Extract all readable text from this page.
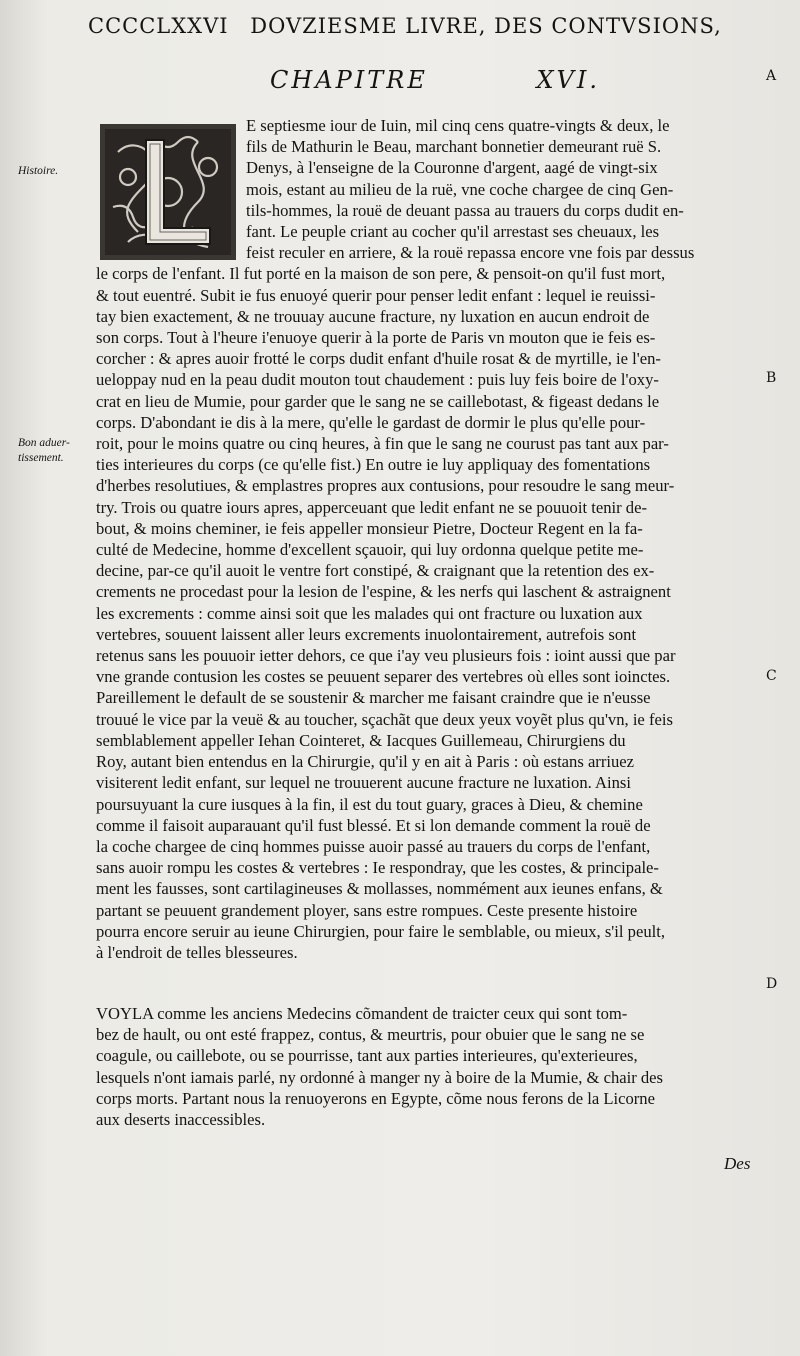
CCCCLXXVI DOVZIESME LIVRE, DES CONTVSIONS,
CHAPITRE	XVI.	A
B
C
D
Histoire.
Bon aduer-
tissement.
E septiesme iour de Iuin, mil cinq cens quatre-vingts & deux, le
fils de Mathurin le Beau, marchant bonnetier demeurant ruë S.
Denys, à l'enseigne de la Couronne d'argent, aagé de vingt-six
mois, estant au milieu de la ruë, vne coche chargee de cinq Gen-
tils-hommes, la rouë de deuant passa au trauers du corps dudit en-
fant. Le peuple criant au cocher qu'il arrestast ses cheuaux, les
feist reculer en arriere, & la rouë repassa encore vne fois par dessus
le corps de l'enfant. Il fut porté en la maison de son pere, & pensoit-on qu'il fust mort,
& tout euentré. Subit ie fus enuoyé querir pour penser ledit enfant : lequel ie reuissi-
tay bien exactement, & ne trouuay aucune fracture, ny luxation en aucun endroit de
son corps. Tout à l'heure i'enuoye querir à la porte de Paris vn mouton que ie feis es-
corcher : & apres auoir frotté le corps dudit enfant d'huile rosat & de myrtille, ie l'en-
ueloppay nud en la peau dudit mouton tout chaudement : puis luy feis boire de l'oxy-
crat en lieu de Mumie, pour garder que le sang ne se caillebotast, & figeast dedans le
corps. D'abondant ie dis à la mere, qu'elle le gardast de dormir le plus qu'elle pour-
roit, pour le moins quatre ou cinq heures, à fin que le sang ne courust pas tant aux par-
ties interieures du corps (ce qu'elle fist.) En outre ie luy appliquay des fomentations
d'herbes resolutiues, & emplastres propres aux contusions, pour resoudre le sang meur-
try. Trois ou quatre iours apres, apperceuant que ledit enfant ne se pouuoit tenir de-
bout, & moins cheminer, ie feis appeller monsieur Pietre, Docteur Regent en la fa-
culté de Medecine, homme d'excellent sçauoir, qui luy ordonna quelque petite me-
decine, par-ce qu'il auoit le ventre fort constipé, & craignant que la retention des ex-
crements ne procedast pour la lesion de l'espine, & les nerfs qui laschent & astraignent
les excrements : comme ainsi soit que les malades qui ont fracture ou luxation aux
vertebres, souuent laissent aller leurs excrements inuolontairement, autrefois sont
retenus sans les pouuoir ietter dehors, ce que i'ay veu plusieurs fois : ioint aussi que par
vne grande contusion les costes se peuuent separer des vertebres où elles sont ioinctes.
Pareillement le default de se soustenir & marcher me faisant craindre que ie n'eusse
trouué le vice par la veuë & au toucher, sçachãt que deux yeux voyẽt plus qu'vn, ie feis
semblablement appeller Iehan Cointeret, & Iacques Guillemeau, Chirurgiens du
Roy, autant bien entendus en la Chirurgie, qu'il y en ait à Paris : où estans arriuez
visiterent ledit enfant, sur lequel ne trouuerent aucune fracture ne luxation. Ainsi
poursuyuant la cure iusques à la fin, il est du tout guary, graces à Dieu, & chemine
comme il faisoit auparauant qu'il fust blessé. Et si lon demande comment la rouë de
la coche chargee de cinq hommes puisse auoir passé au trauers du corps de l'enfant,
sans auoir rompu les costes & vertebres : Ie respondray, que les costes, & principale-
ment les fausses, sont cartilagineuses & mollasses, nommément aux ieunes enfans, &
partant se peuuent grandement ployer, sans estre rompues. Ceste presente histoire
pourra encore seruir au ieune Chirurgien, pour faire le semblable, ou mieux, s'il peult,
à l'endroit de telles blesseures.
VOYLA comme les anciens Medecins cõmandent de traicter ceux qui sont tom-
bez de hault, ou ont esté frappez, contus, & meurtris, pour obuier que le sang ne se
coagule, ou caillebote, ou se pourrisse, tant aux parties interieures, qu'exterieures,
lesquels n'ont iamais parlé, ny ordonné à manger ny à boire de la Mumie, & chair des
corps morts. Partant nous la renuoyerons en Egypte, cõme nous ferons de la Licorne
aux deserts inaccessibles.
Des
